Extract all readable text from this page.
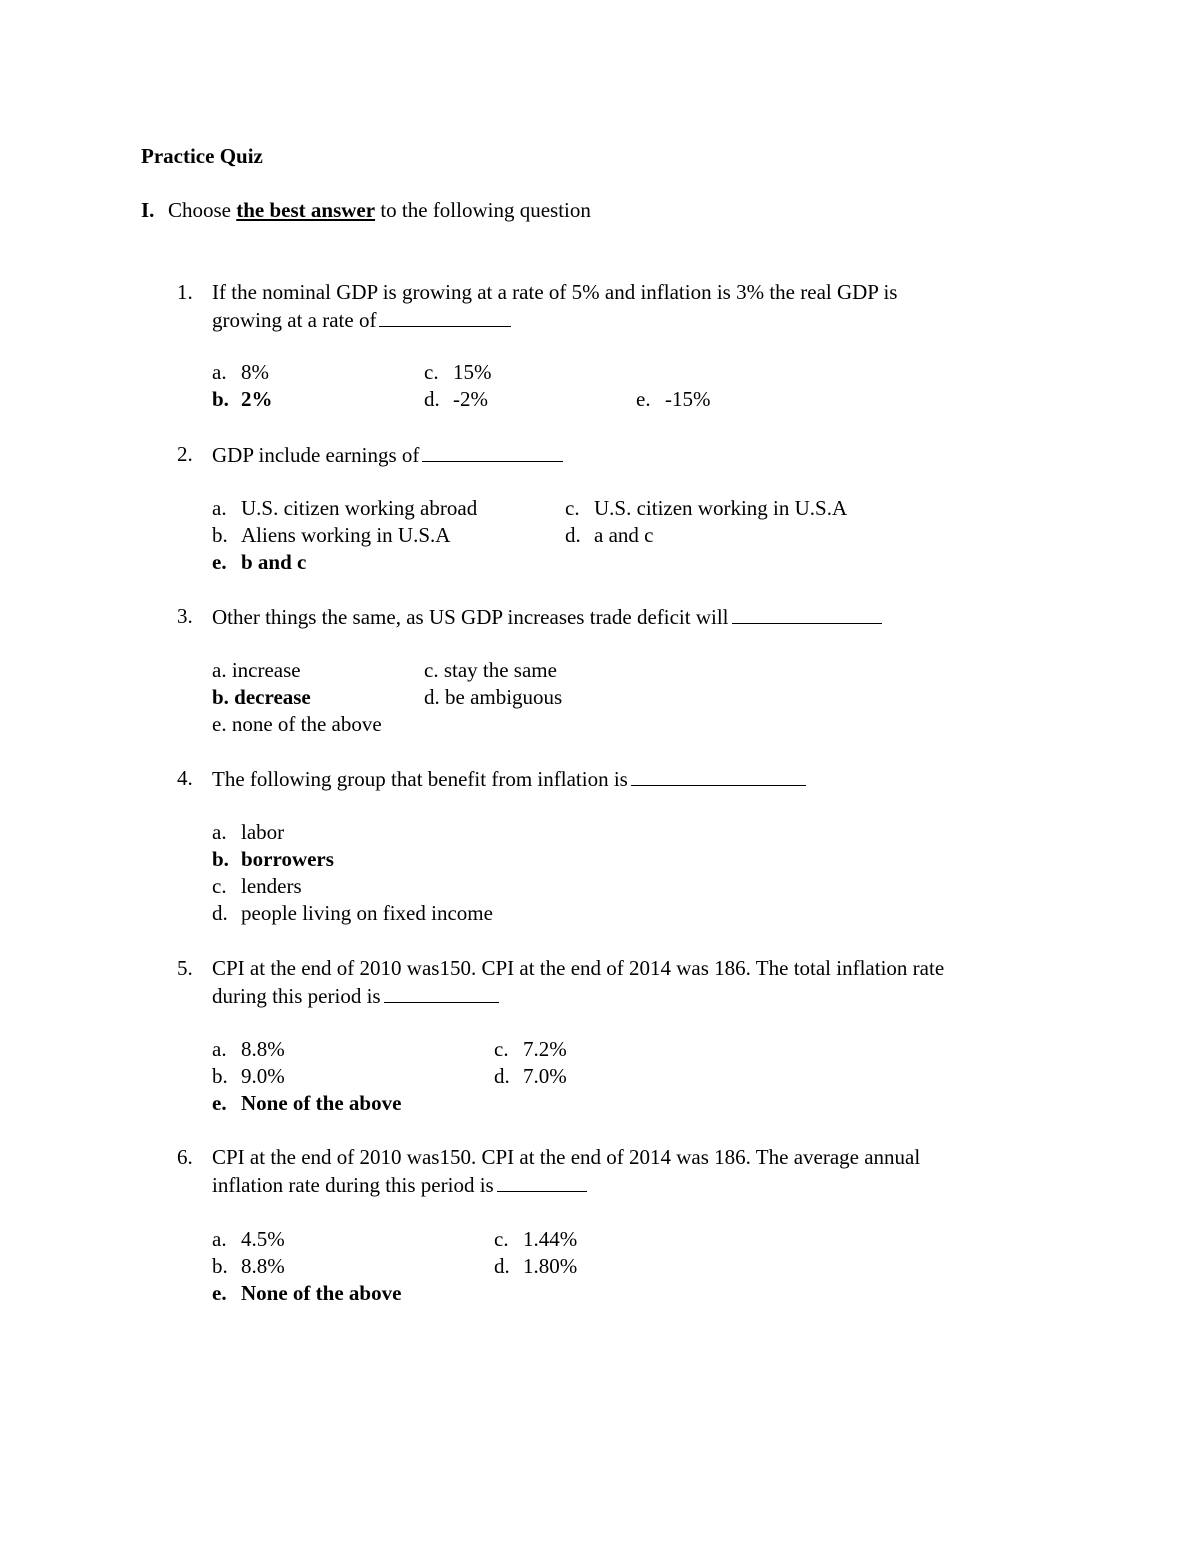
Practice Quiz
I. Choose the best answer to the following question
1. If the nominal GDP is growing at a rate of 5% and inflation is 3% the real GDP is
growing at a rate of
a. 8%	c. 15%
b. 2%	d. -2%	e. -15%
2. GDP include earnings of
a. U.S. citizen working abroad	c. U.S. citizen working in U.S.A
b. Aliens working in U.S.A	d. a and c
e. b and c
3. Other things the same, as US GDP increases trade deficit will
a. increase	c. stay the same
b. decrease	d. be ambiguous
e. none of the above
4. The following group that benefit from inflation is
a. labor
b. borrowers
c. lenders
d. people living on fixed income
5. CPI at the end of 2010 was150. CPI at the end of 2014 was 186. The total inflation rate
during this period is
a. 8.8%	c. 7.2%
b. 9.0%	d. 7.0%
e. None of the above
6. CPI at the end of 2010 was150. CPI at the end of 2014 was 186. The average annual
inflation rate during this period is
a. 4.5%	c. 1.44%
b. 8.8%	d. 1.80%
e. None of the above
